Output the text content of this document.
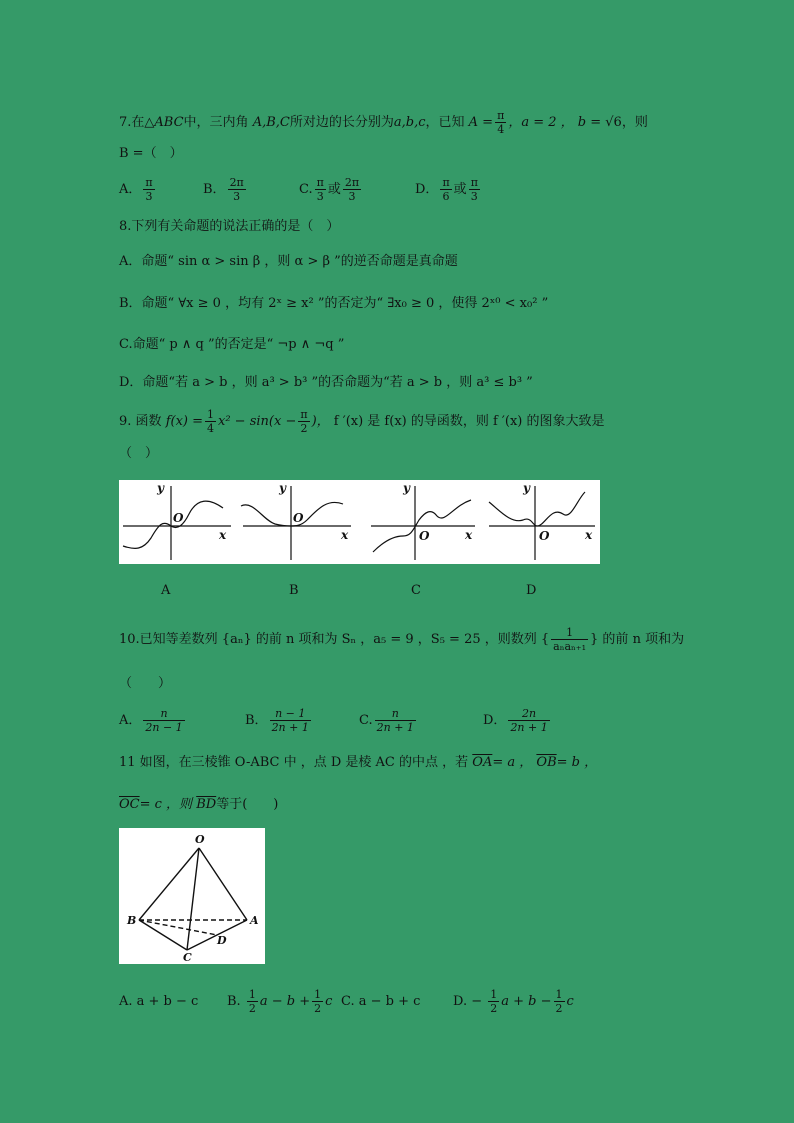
7.在△ABC中，三内角 A,B,C所对边的长分别为a,b,c，已知 $A = \frac{\pi}{4}$ ，a = 2 ， b = √6，则
B =（　）
A． $\frac{\pi}{3}$	B． $\frac{2\pi}{3}$	C. $\frac{\pi}{3}$ 或 $\frac{2\pi}{3}$	D． $\frac{\pi}{6}$ 或 $\frac{\pi}{3}$
8.下列有关命题的说法正确的是（　）
A．命题“ sin α > sin β ，则 α > β ”的逆否命题是真命题
B．命题“ ∀x ≥ 0 ，均有 2ˣ ≥ x² ”的否定为“ ∃x₀ ≥ 0 ，使得 2ˣ⁰ < x₀² ”
C.命题“ p ∧ q ”的否定是“ ¬p ∧ ¬q ”
D．命题“若 a > b ，则 a³ > b³ ”的否命题为“若 a > b ，则 a³ ≤ b³ ”
9. 函数 $f(x) = \frac{1}{4} x^2 - \sin(x - \frac{\pi}{2}$ )， f ′(x) 是 f(x) 的导函数，则 f ′(x) 的图象大致是
（　）
y
x
O
y
x
O
y
x
O
y
x
O
A	B	C	D
10.已知等差数列 {aₙ} 的前 n 项和为 Sₙ ，a₅ = 9 ，S₅ = 25 ，则数列 { $\frac{1}{\text{aₙaₙ₊₁}}$ } 的前 n 项和为
（　　）
A． $\frac{n}{2n - 1}$	B． $\frac{n - 1}{2n + 1}$	C. $\frac{n}{2n + 1}$	D． $\frac{2n}{2n + 1}$
11 如图，在三棱锥 O-ABC 中 ，点 D 是棱 AC 的中点 ，若 $\overline{OA}= a$ ， $\overline{OB}= b$ ，
$\overline{OC}= c$ ，则 $\overline{BD}$等于(　　)
O
B	A
C
D
A. a + b − c B. $\frac{1}{2}$ $a - b + \frac{1}{2}$ c C. a − b + c	D. − $\frac{1}{2}$ $a + b - \frac{1}{2}$ c
